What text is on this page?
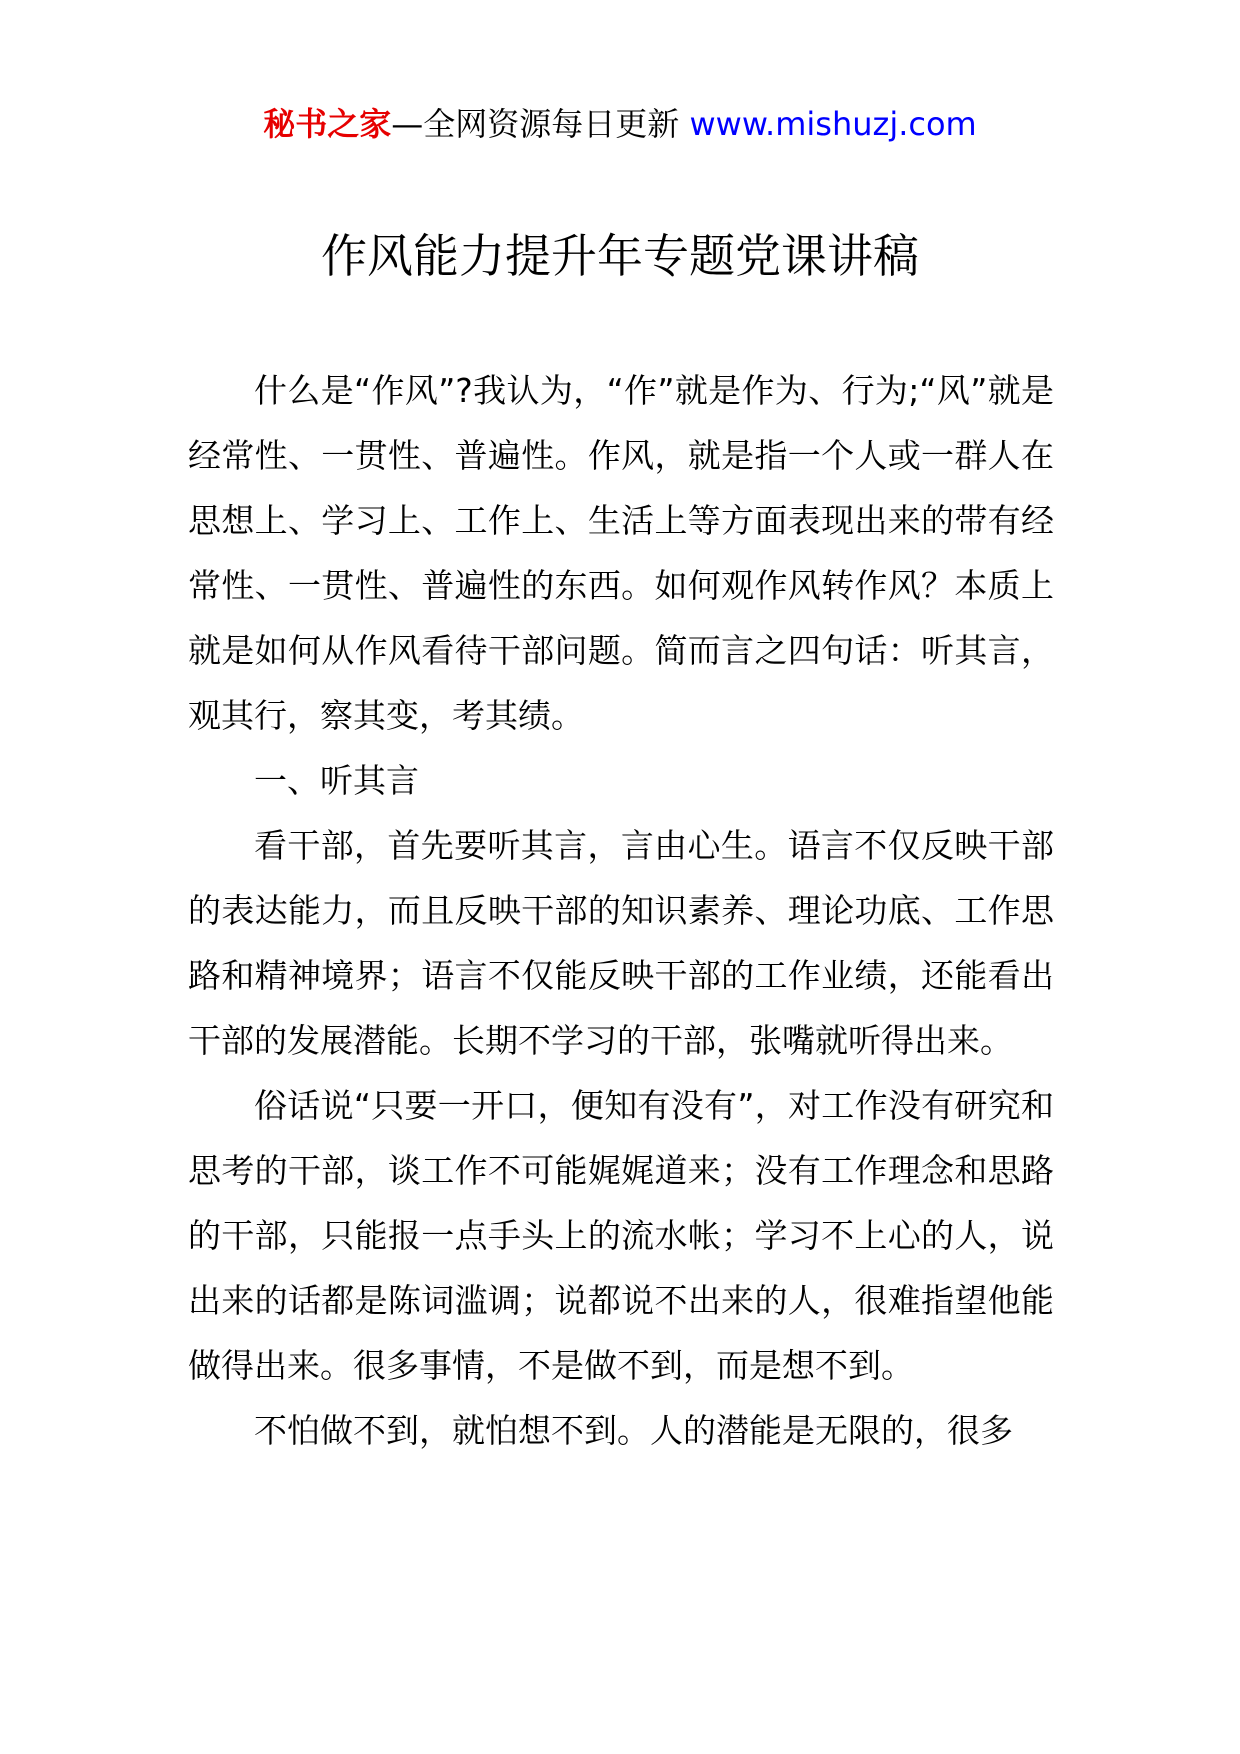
秘书之家—全网资源每日更新 www.mishuzj.com
作风能力提升年专题党课讲稿

什么是“作风”?我认为，“作”就是作为、行为;“风”就是经常性、一贯性、普遍性。作风，就是指一个人或一群人在思想上、学习上、工作上、生活上等方面表现出来的带有经常性、一贯性、普遍性的东西。如何观作风转作风？本质上就是如何从作风看待干部问题。简而言之四句话：听其言，观其行，察其变，考其绩。

一、听其言

看干部，首先要听其言，言由心生。语言不仅反映干部的表达能力，而且反映干部的知识素养、理论功底、工作思路和精神境界；语言不仅能反映干部的工作业绩，还能看出干部的发展潜能。长期不学习的干部，张嘴就听得出来。

俗话说“只要一开口，便知有没有”，对工作没有研究和思考的干部，谈工作不可能娓娓道来；没有工作理念和思路的干部，只能报一点手头上的流水帐；学习不上心的人，说出来的话都是陈词滥调；说都说不出来的人，很难指望他能做得出来。很多事情，不是做不到，而是想不到。

不怕做不到，就怕想不到。人的潜能是无限的，很多
